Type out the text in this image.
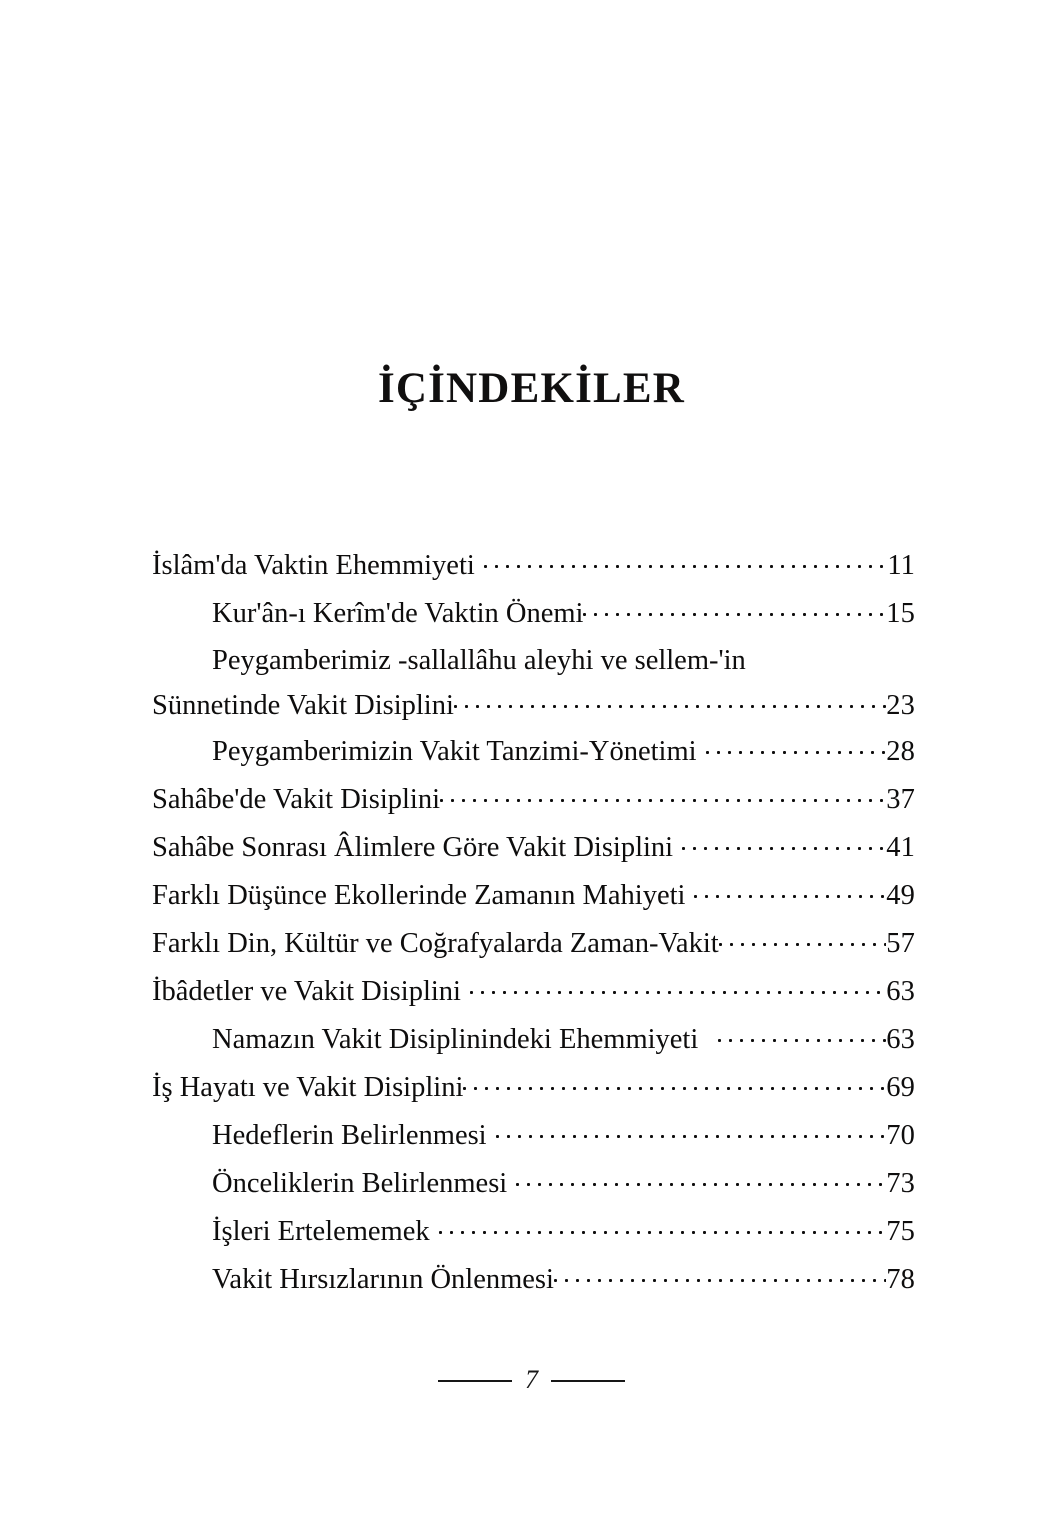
İÇİNDEKİLER
İslâm'da Vaktin Ehemmiyeti	11
Kur'ân-ı Kerîm'de Vaktin Önemi	15
Peygamberimiz -sallallâhu aleyhi ve sellem-'in
Sünnetinde Vakit Disiplini	23
Peygamberimizin Vakit Tanzimi-Yönetimi	28
Sahâbe'de Vakit Disiplini	37
Sahâbe Sonrası Âlimlere Göre Vakit Disiplini	41
Farklı Düşünce Ekollerinde Zamanın Mahiyeti	49
Farklı Din, Kültür ve Coğrafyalarda Zaman-Vakit	57
İbâdetler ve Vakit Disiplini	63
Namazın Vakit Disiplinindeki Ehemmiyeti	63
İş Hayatı ve Vakit Disiplini	69
Hedeflerin Belirlenmesi	70
Önceliklerin Belirlenmesi	73
İşleri Ertelememek	75
Vakit Hırsızlarının Önlenmesi	78
7
